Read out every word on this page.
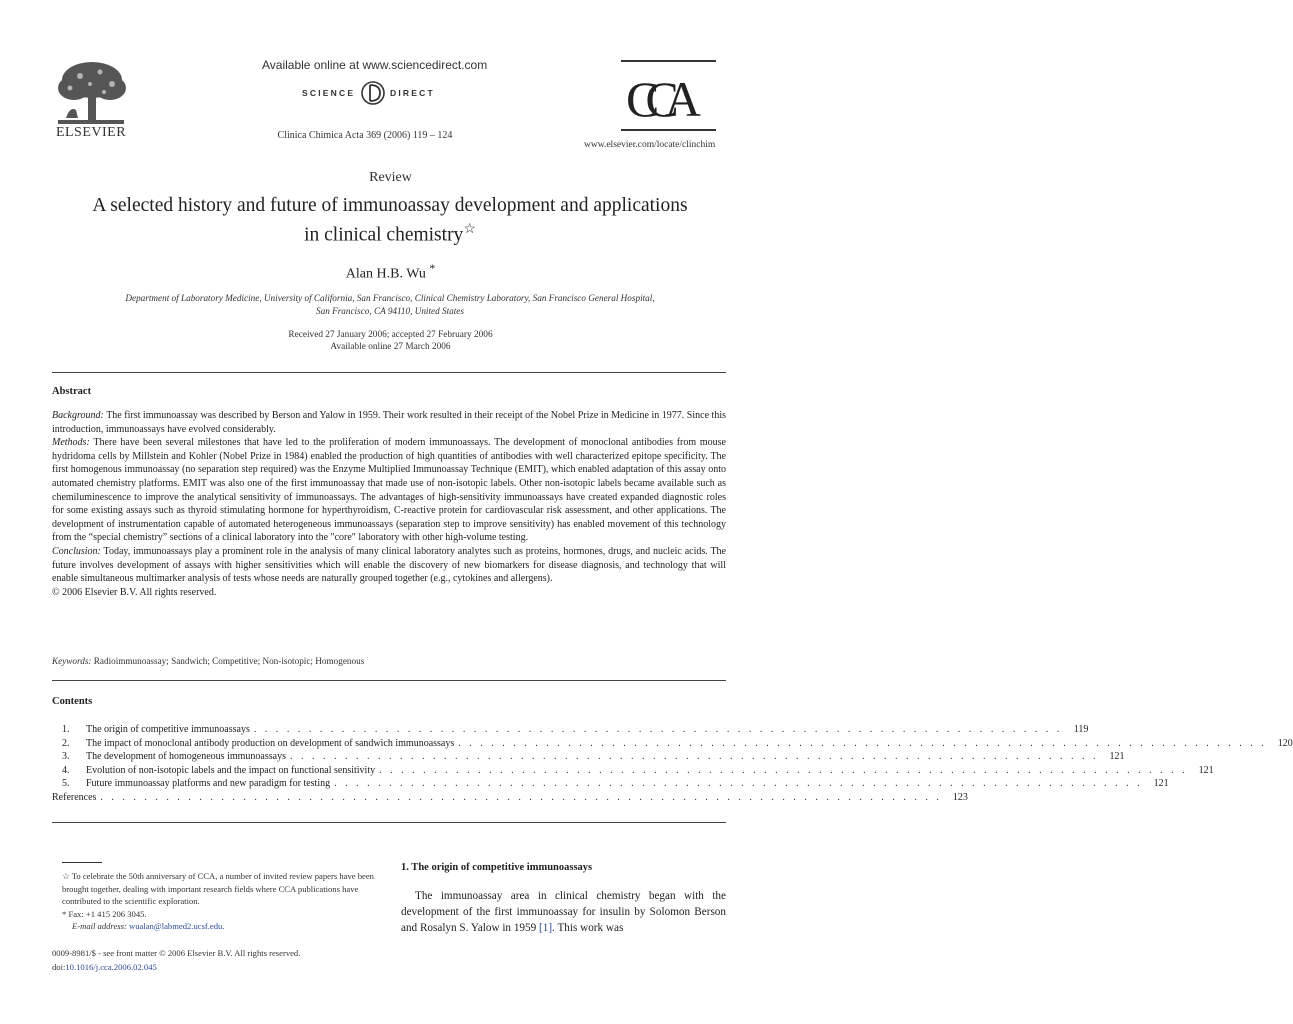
ELSEVIER
Available online at www.sciencedirect.com
SCIENCE	DIRECT
Clinica Chimica Acta 369 (2006) 119 – 124
CCA
www.elsevier.com/locate/clinchim
Review
A selected history and future of immunoassay development and applications
in clinical chemistry☆
Alan H.B. Wu *
Department of Laboratory Medicine, University of California, San Francisco, Clinical Chemistry Laboratory, San Francisco General Hospital,
San Francisco, CA 94110, United States
Received 27 January 2006; accepted 27 February 2006
Available online 27 March 2006
Abstract

Background: The first immunoassay was described by Berson and Yalow in 1959. Their work resulted in their receipt of the Nobel Prize in Medicine in 1977. Since this introduction, immunoassays have evolved considerably.

Methods: There have been several milestones that have led to the proliferation of modern immunoassays. The development of monoclonal antibodies from mouse hydridoma cells by Millstein and Kohler (Nobel Prize in 1984) enabled the production of high quantities of antibodies with well characterized epitope specificity. The first homogenous immunoassay (no separation step required) was the Enzyme Multiplied Immunoassay Technique (EMIT), which enabled adaptation of this assay onto automated chemistry platforms. EMIT was also one of the first immunoassay that made use of non-isotopic labels. Other non-isotopic labels became available such as chemiluminescence to improve the analytical sensitivity of immunoassays. The advantages of high-sensitivity immunoassays have created expanded diagnostic roles for some existing assays such as thyroid stimulating hormone for hyperthyroidism, C-reactive protein for cardiovascular risk assessment, and other applications. The development of instrumentation capable of automated heterogeneous immunoassays (separation step to improve sensitivity) has enabled movement of this technology from the “special chemistry” sections of a clinical laboratory into the "core" laboratory with other high-volume testing.

Conclusion: Today, immunoassays play a prominent role in the analysis of many clinical laboratory analytes such as proteins, hormones, drugs, and nucleic acids. The future involves development of assays with higher sensitivities which will enable the discovery of new biomarkers for disease diagnosis, and technology that will enable simultaneous multimarker analysis of tests whose needs are naturally grouped together (e.g., cytokines and allergens).

© 2006 Elsevier B.V. All rights reserved.

Keywords: Radioimmunoassay; Sandwich; Competitive; Non-isotopic; Homogenous
Contents
1.	The origin of competitive immunoassays . . . . . . . . . . . . . . . . . . . . . . . . . . . . . . . . . . . . . . . . . . . . . . . . . . . . . . . . . . . . . . . . . . . . . . . . . .	119
2.	The impact of monoclonal antibody production on development of sandwich immunoassays . . . . . . . . . . . . . . . . . . . . . . . . . . . . . . . . . . . . . . . . . . . . . . . . . . . . . . . . . . . . . . . . . . . . . . . . . .	120
3.	The development of homogeneous immunoassays . . . . . . . . . . . . . . . . . . . . . . . . . . . . . . . . . . . . . . . . . . . . . . . . . . . . . . . . . . . . . . . . . . . . . . . . . .	121
4.	Evolution of non-isotopic labels and the impact on functional sensitivity . . . . . . . . . . . . . . . . . . . . . . . . . . . . . . . . . . . . . . . . . . . . . . . . . . . . . . . . . . . . . . . . . . . . . . . . . .	121
5.	Future immunoassay platforms and new paradigm for testing . . . . . . . . . . . . . . . . . . . . . . . . . . . . . . . . . . . . . . . . . . . . . . . . . . . . . . . . . . . . . . . . . . . . . . . . . .	121
References . . . . . . . . . . . . . . . . . . . . . . . . . . . . . . . . . . . . . . . . . . . . . . . . . . . . . . . . . . . . . . . . . . . . . . . . . . . . .	123

☆ To celebrate the 50th anniversary of CCA, a number of invited review papers have been brought together, dealing with important research fields where CCA publications have contributed to the scientific exploration.

* Fax: +1 415 206 3045.

E-mail address: wualan@labmed2.ucsf.edu.

0009-8981/$ - see front matter © 2006 Elsevier B.V. All rights reserved.
doi:10.1016/j.cca.2006.02.045
1. The origin of competitive immunoassays
The immunoassay area in clinical chemistry began with the development of the first immunoassay for insulin by Solomon Berson and Rosalyn S. Yalow in 1959 [1]. This work was
